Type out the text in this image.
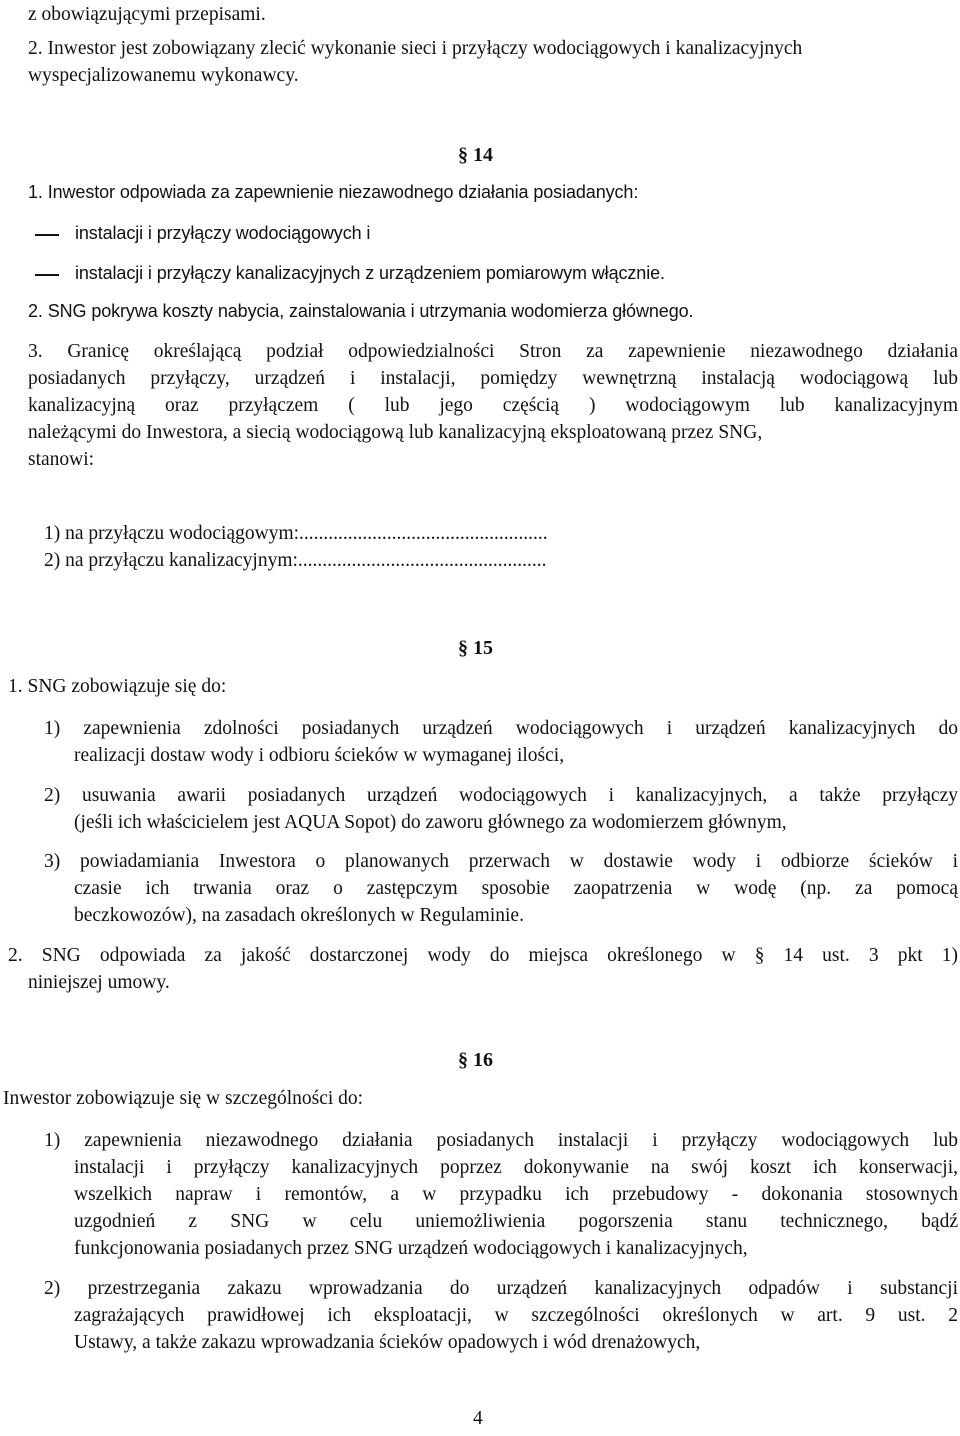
z obowiązującymi przepisami.
2. Inwestor jest zobowiązany zlecić wykonanie sieci i przyłączy wodociągowych i kanalizacyjnych
wyspecjalizowanemu wykonawcy.
§ 14
1. Inwestor odpowiada za zapewnienie niezawodnego działania posiadanych:
instalacji i przyłączy wodociągowych i
instalacji i przyłączy kanalizacyjnych z urządzeniem pomiarowym włącznie.
2. SNG pokrywa koszty nabycia, zainstalowania i utrzymania wodomierza głównego.
3. Granicę określającą podział odpowiedzialności Stron za zapewnienie niezawodnego działania
posiadanych przyłączy, urządzeń i instalacji, pomiędzy wewnętrzną instalacją wodociągową lub
kanalizacyjną oraz przyłączem ( lub jego częścią ) wodociągowym lub kanalizacyjnym
należącymi do Inwestora, a siecią wodociągową lub kanalizacyjną eksploatowaną przez SNG,
stanowi:
1) na przyłączu wodociągowym:...................................................
2) na przyłączu kanalizacyjnym:...................................................
§ 15
1. SNG zobowiązuje się do:
1) zapewnienia zdolności posiadanych urządzeń wodociągowych i urządzeń kanalizacyjnych do
realizacji dostaw wody i odbioru ścieków w wymaganej ilości,
2) usuwania awarii posiadanych urządzeń wodociągowych i kanalizacyjnych, a także przyłączy
(jeśli ich właścicielem jest AQUA Sopot) do zaworu głównego za wodomierzem głównym,
3) powiadamiania Inwestora o planowanych przerwach w dostawie wody i odbiorze ścieków i
czasie ich trwania oraz o zastępczym sposobie zaopatrzenia w wodę (np. za pomocą
beczkowozów), na zasadach określonych w Regulaminie.
2. SNG odpowiada za jakość dostarczonej wody do miejsca określonego w § 14 ust. 3 pkt 1)
niniejszej umowy.
§ 16
Inwestor zobowiązuje się w szczególności do:
1) zapewnienia niezawodnego działania posiadanych instalacji i przyłączy wodociągowych lub
instalacji i przyłączy kanalizacyjnych poprzez dokonywanie na swój koszt ich konserwacji,
wszelkich napraw i remontów, a w przypadku ich przebudowy - dokonania stosownych
uzgodnień z SNG w celu uniemożliwienia pogorszenia stanu technicznego, bądź
funkcjonowania posiadanych przez SNG urządzeń wodociągowych i kanalizacyjnych,
2) przestrzegania zakazu wprowadzania do urządzeń kanalizacyjnych odpadów i substancji
zagrażających prawidłowej ich eksploatacji, w szczególności określonych w art. 9 ust. 2
Ustawy, a także zakazu wprowadzania ścieków opadowych i wód drenażowych,
4
